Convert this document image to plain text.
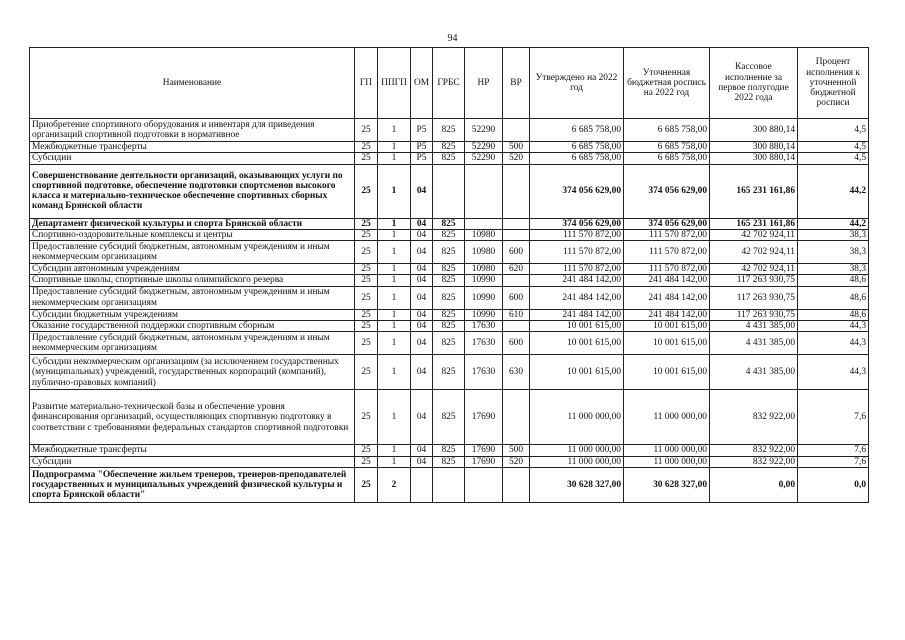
94
Наименование	ГП	ППГП	ОМ	ГРБС	НР	ВР	Утверждено на 2022 год	Уточненная бюджетная роспись на 2022 год	Кассовое исполнение за первое полугодие 2022 года	Процент исполнения к уточненной бюджетной росписи
Приобретение спортивного оборудования и инвентаря для приведения организаций спортивной подготовки в нормативное	25	1	P5	825	52290		6 685 758,00	6 685 758,00	300 880,14	4,5
Межбюджетные трансферты	25	1	P5	825	52290	500	6 685 758,00	6 685 758,00	300 880,14	4,5
Субсидии	25	1	P5	825	52290	520	6 685 758,00	6 685 758,00	300 880,14	4,5
Совершенствование деятельности организаций, оказывающих услуги по спортивной подготовке, обеспечение подготовки спортсменов высокого класса и материально-техническое обеспечение спортивных сборных команд Брянской области	25	1	04				374 056 629,00	374 056 629,00	165 231 161,86	44,2
Департамент физической культуры и спорта Брянской области	25	1	04	825			374 056 629,00	374 056 629,00	165 231 161,86	44,2
Спортивно-оздоровительные комплексы и центры	25	1	04	825	10980		111 570 872,00	111 570 872,00	42 702 924,11	38,3
Предоставление субсидий бюджетным, автономным учреждениям и иным некоммерческим организациям	25	1	04	825	10980	600	111 570 872,00	111 570 872,00	42 702 924,11	38,3
Субсидии автономным учреждениям	25	1	04	825	10980	620	111 570 872,00	111 570 872,00	42 702 924,11	38,3
Спортивные школы, спортивные школы олимпийского резерва	25	1	04	825	10990		241 484 142,00	241 484 142,00	117 263 930,75	48,6
Предоставление субсидий бюджетным, автономным учреждениям и иным некоммерческим организациям	25	1	04	825	10990	600	241 484 142,00	241 484 142,00	117 263 930,75	48,6
Субсидии бюджетным учреждениям	25	1	04	825	10990	610	241 484 142,00	241 484 142,00	117 263 930,75	48,6
Оказание государственной поддержки спортивным сборным	25	1	04	825	17630		10 001 615,00	10 001 615,00	4 431 385,00	44,3
Предоставление субсидий бюджетным, автономным учреждениям и иным некоммерческим организациям	25	1	04	825	17630	600	10 001 615,00	10 001 615,00	4 431 385,00	44,3
Субсидии некоммерческим организациям (за исключением государственных (муниципальных) учреждений, государственных корпораций (компаний), публично-правовых компаний)	25	1	04	825	17630	630	10 001 615,00	10 001 615,00	4 431 385,00	44,3
Развитие материально-технической базы и обеспечение уровня финансирования организаций, осуществляющих спортивную подготовку в соответствии с требованиями федеральных стандартов спортивной подготовки	25	1	04	825	17690		11 000 000,00	11 000 000,00	832 922,00	7,6
Межбюджетные трансферты	25	1	04	825	17690	500	11 000 000,00	11 000 000,00	832 922,00	7,6
Субсидии	25	1	04	825	17690	520	11 000 000,00	11 000 000,00	832 922,00	7,6
Подпрограмма "Обеспечение жильем тренеров, тренеров-преподавателей государственных и муниципальных учреждений физической культуры и спорта Брянской области"	25	2					30 628 327,00	30 628 327,00	0,00	0,0
